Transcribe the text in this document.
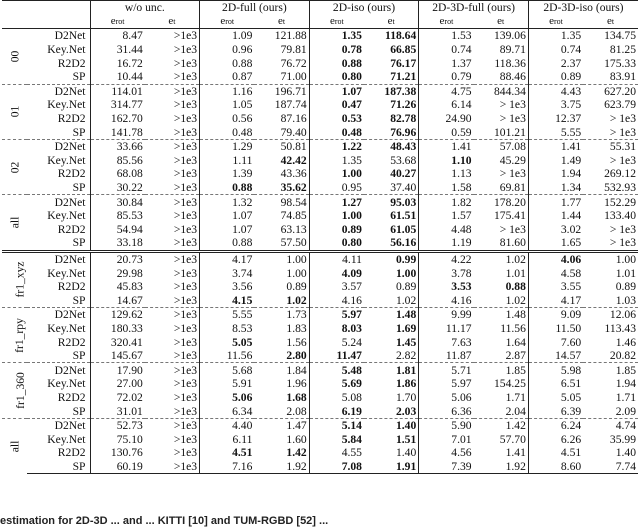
		w/o unc.		2D-full (ours)		2D-iso (ours)		2D-3D-full (ours)		2D-3D-iso (ours)	
		erot	et	erot	et	erot	et	erot	et	erot	et
00	D2Net	8.47	>1e3	1.09	121.88	1.35	118.64	1.53	139.06	1.35	134.75
	Key.Net	31.44	>1e3	0.96	79.81	0.78	66.85	0.74	89.71	0.74	81.25
	R2D2	16.72	>1e3	0.88	76.72	0.88	76.17	1.37	118.36	2.37	175.33
	SP	10.44	>1e3	0.87	71.00	0.80	71.21	0.79	88.46	0.89	83.91
01	D2Net	114.01	>1e3	1.16	196.71	1.07	187.38	4.75	844.34	4.43	627.20
	Key.Net	314.77	>1e3	1.05	187.74	0.47	71.26	6.14	> 1e3	3.75	623.79
	R2D2	162.70	>1e3	0.56	87.16	0.53	82.78	24.90	> 1e3	12.37	> 1e3
	SP	141.78	>1e3	0.48	79.40	0.48	76.96	0.59	101.21	5.55	> 1e3
02	D2Net	33.66	>1e3	1.29	50.81	1.22	48.43	1.41	57.08	1.41	55.31
	Key.Net	85.56	>1e3	1.11	42.42	1.35	53.68	1.10	45.29	1.49	> 1e3
	R2D2	68.08	>1e3	1.39	43.36	1.00	40.27	1.13	> 1e3	1.94	269.12
	SP	30.22	>1e3	0.88	35.62	0.95	37.40	1.58	69.81	1.34	532.93
all	D2Net	30.84	>1e3	1.32	98.54	1.27	95.03	1.82	178.20	1.77	152.29
	Key.Net	85.53	>1e3	1.07	74.85	1.00	61.51	1.57	175.41	1.44	133.40
	R2D2	54.94	>1e3	1.07	63.13	0.89	61.05	4.48	> 1e3	3.02	> 1e3
	SP	33.18	>1e3	0.88	57.50	0.80	56.16	1.19	81.60	1.65	> 1e3
fr1_xyz	D2Net	20.73	>1e3	4.17	1.00	4.11	0.99	4.22	1.02	4.06	1.00
	Key.Net	29.98	>1e3	3.74	1.00	4.09	1.00	3.78	1.01	4.58	1.01
	R2D2	45.83	>1e3	3.56	0.89	3.57	0.89	3.53	0.88	3.55	0.89
	SP	14.67	>1e3	4.15	1.02	4.16	1.02	4.16	1.02	4.17	1.03
fr1_rpy	D2Net	129.62	>1e3	5.55	1.73	5.97	1.48	9.99	1.48	9.09	12.06
	Key.Net	180.33	>1e3	8.53	1.83	8.03	1.69	11.17	11.56	11.50	113.43
	R2D2	320.41	>1e3	5.05	1.56	5.24	1.45	7.63	1.64	7.60	1.46
	SP	145.67	>1e3	11.56	2.80	11.47	2.82	11.87	2.87	14.57	20.82
fr1_360	D2Net	17.90	>1e3	5.68	1.84	5.48	1.81	5.71	1.85	5.98	1.85
	Key.Net	27.00	>1e3	5.91	1.96	5.69	1.86	5.97	154.25	6.51	1.94
	R2D2	72.02	>1e3	5.06	1.68	5.08	1.70	5.06	1.71	5.05	1.71
	SP	31.01	>1e3	6.34	2.08	6.19	2.03	6.36	2.04	6.39	2.09
all	D2Net	52.73	>1e3	4.40	1.47	5.14	1.40	5.90	1.42	6.24	4.74
	Key.Net	75.10	>1e3	6.11	1.60	5.84	1.51	7.01	57.70	6.26	35.99
	R2D2	130.76	>1e3	4.51	1.42	4.55	1.40	4.56	1.41	4.51	1.40
	SP	60.19	>1e3	7.16	1.92	7.08	1.91	7.39	1.92	8.60	7.74
estimation for 2D-3D ... and ... KITTI [10] and TUM-RGBD [52] ...
